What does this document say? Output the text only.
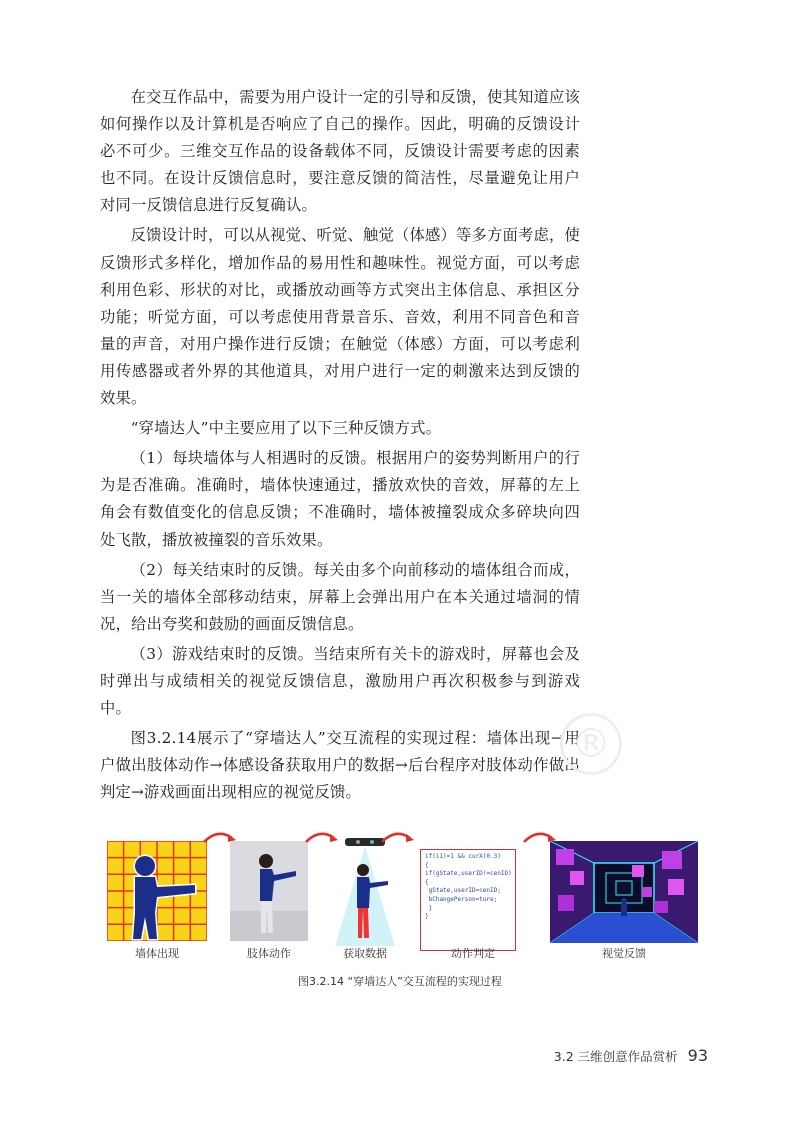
在交互作品中，需要为用户设计一定的引导和反馈，使其知道应该如何操作以及计算机是否响应了自己的操作。因此，明确的反馈设计必不可少。三维交互作品的设备载体不同，反馈设计需要考虑的因素也不同。在设计反馈信息时，要注意反馈的简洁性，尽量避免让用户对同一反馈信息进行反复确认。

反馈设计时，可以从视觉、听觉、触觉（体感）等多方面考虑，使反馈形式多样化，增加作品的易用性和趣味性。视觉方面，可以考虑利用色彩、形状的对比，或播放动画等方式突出主体信息、承担区分功能；听觉方面，可以考虑使用背景音乐、音效，利用不同音色和音量的声音，对用户操作进行反馈；在触觉（体感）方面，可以考虑利用传感器或者外界的其他道具，对用户进行一定的刺激来达到反馈的效果。

“穿墙达人”中主要应用了以下三种反馈方式。

（1）每块墙体与人相遇时的反馈。根据用户的姿势判断用户的行为是否准确。准确时，墙体快速通过，播放欢快的音效，屏幕的左上角会有数值变化的信息反馈；不准确时，墙体被撞裂成众多碎块向四处飞散，播放被撞裂的音乐效果。

（2）每关结束时的反馈。每关由多个向前移动的墙体组合而成，当一关的墙体全部移动结束，屏幕上会弹出用户在本关通过墙洞的情况，给出夸奖和鼓励的画面反馈信息。

（3）游戏结束时的反馈。当结束所有关卡的游戏时，屏幕也会及时弹出与成绩相关的视觉反馈信息，激励用户再次积极参与到游戏中。

图3.2.14展示了“穿墙达人”交互流程的实现过程：墙体出现→用户做出肢体动作→体感设备获取用户的数据→后台程序对肢体动作做出判定→游戏画面出现相应的视觉反馈。

®
if(i1)=1 && curX(0.3)
{
if(gState,userID!=cenID)
{
gState,userID=cenID;
bChangePerson=ture;
}
}
墙体出现	肢体动作	获取数据	动作判定	视觉反馈
图3.2.14 “穿墙达人”交互流程的实现过程
3.2 三维创意作品赏析 93
